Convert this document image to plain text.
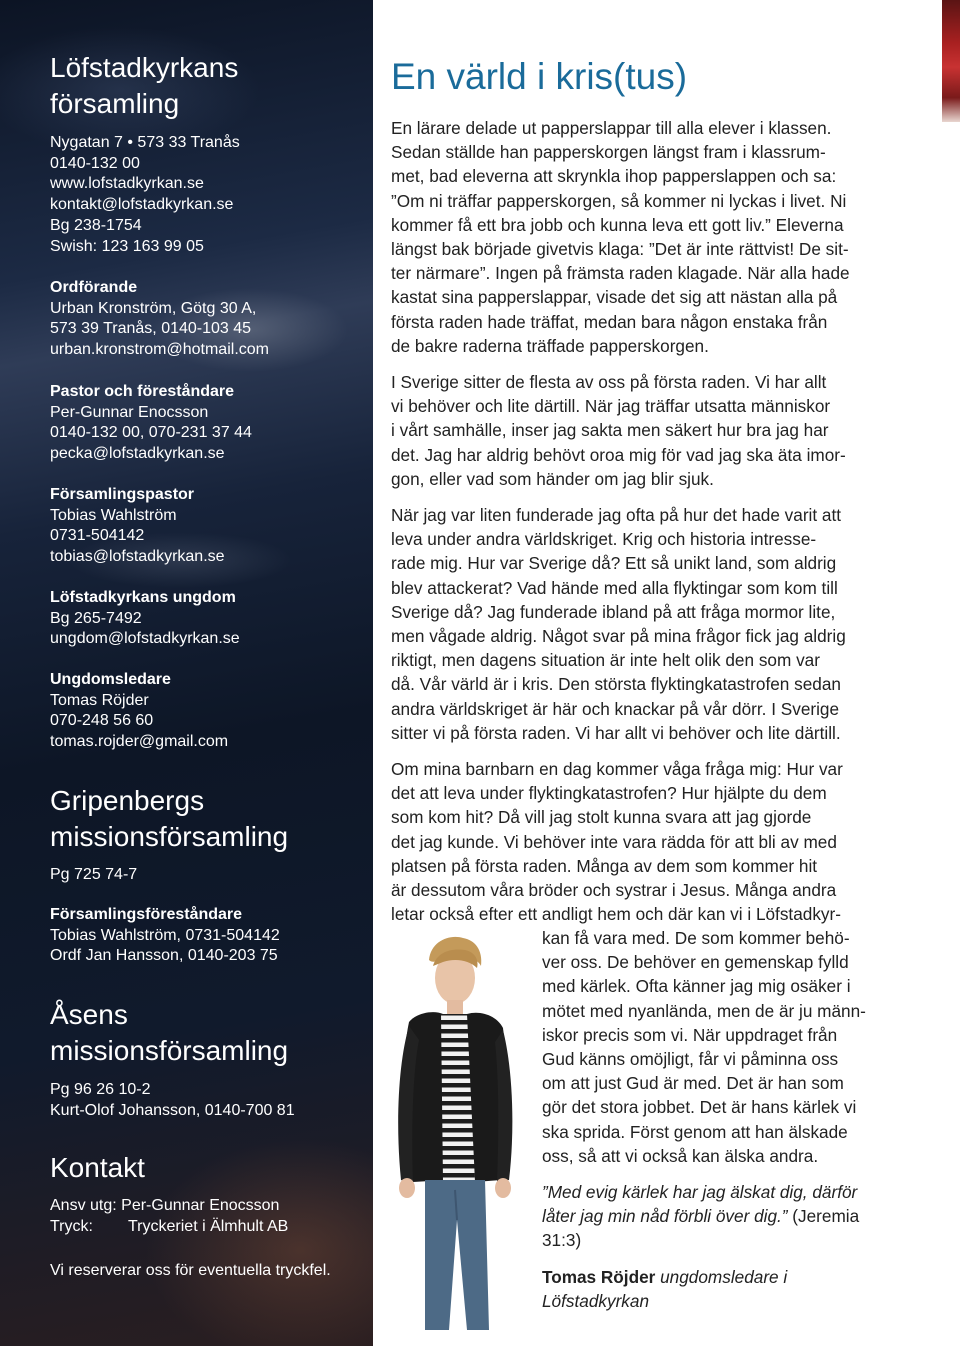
Löfstadkyrkans
församling
Nygatan 7 • 573 33 Tranås
0140-132 00
www.lofstadkyrkan.se
kontakt@lofstadkyrkan.se
Bg 238-1754
Swish: 123 163 99 05
Ordförande
Urban Kronström, Götg 30 A,
573 39 Tranås, 0140-103 45
urban.kronstrom@hotmail.com
Pastor och föreståndare
Per-Gunnar Enocsson
0140-132 00, 070-231 37 44
pecka@lofstadkyrkan.se
Församlingspastor
Tobias Wahlström
0731-504142
tobias@lofstadkyrkan.se
Löfstadkyrkans ungdom
Bg 265-7492
ungdom@lofstadkyrkan.se
Ungdomsledare
Tomas Röjder
070-248 56 60
tomas.rojder@gmail.com
Gripenbergs
missionsförsamling
Pg 725 74-7
Församlingsföreståndare
Tobias Wahlström, 0731-504142
Ordf Jan Hansson, 0140-203 75
Åsens
missionsförsamling
Pg 96 26 10-2
Kurt-Olof Johansson, 0140-700 81
Kontakt
Ansv utg: Per-Gunnar Enocsson
Tryck: Tryckeriet i Älmhult AB
Vi reserverar oss för eventuella tryckfel.
En värld i kris(tus)
En lärare delade ut papperslappar till alla elever i klassen.
Sedan ställde han papperskorgen längst fram i klassrum-
met, bad eleverna att skrynkla ihop papperslappen och sa:
”Om ni träffar papperskorgen, så kommer ni lyckas i livet. Ni
kommer få ett bra jobb och kunna leva ett gott liv.” Eleverna
längst bak började givetvis klaga: ”Det är inte rättvist! De sit-
ter närmare”. Ingen på främsta raden klagade. När alla hade
kastat sina papperslappar, visade det sig att nästan alla på
första raden hade träffat, medan bara någon enstaka från
de bakre raderna träffade papperskorgen.
I Sverige sitter de flesta av oss på första raden. Vi har allt
vi behöver och lite därtill. När jag träffar utsatta människor
i vårt samhälle, inser jag sakta men säkert hur bra jag har
det. Jag har aldrig behövt oroa mig för vad jag ska äta imor-
gon, eller vad som händer om jag blir sjuk.
När jag var liten funderade jag ofta på hur det hade varit att
leva under andra världskriget. Krig och historia intresse-
rade mig. Hur var Sverige då? Ett så unikt land, som aldrig
blev attackerat? Vad hände med alla flyktingar som kom till
Sverige då? Jag funderade ibland på att fråga mormor lite,
men vågade aldrig. Något svar på mina frågor fick jag aldrig
riktigt, men dagens situation är inte helt olik den som var
då. Vår värld är i kris. Den största flyktingkatastrofen sedan
andra världskriget är här och knackar på vår dörr. I Sverige
sitter vi på första raden. Vi har allt vi behöver och lite därtill.
Om mina barnbarn en dag kommer våga fråga mig: Hur var
det att leva under flyktingkatastrofen? Hur hjälpte du dem
som kom hit? Då vill jag stolt kunna svara att jag gjorde
det jag kunde. Vi behöver inte vara rädda för att bli av med
platsen på första raden. Många av dem som kommer hit
är dessutom våra bröder och systrar i Jesus. Många andra
letar också efter ett andligt hem och där kan vi i Löfstadkyr-
kan få vara med. De som kommer behö-
ver oss. De behöver en gemenskap fylld
med kärlek. Ofta känner jag mig osäker i
mötet med nyanlända, men de är ju männ-
iskor precis som vi. När uppdraget från
Gud känns omöjligt, får vi påminna oss
om att just Gud är med. Det är han som
gör det stora jobbet. Det är hans kärlek vi
ska sprida. Först genom att han älskade
oss, så att vi också kan älska andra.
”Med evig kärlek har jag älskat dig, därför
låter jag min nåd förbli över dig.” (Jeremia
31:3)
Tomas Röjder ungdomsledare i
Löfstadkyrkan
